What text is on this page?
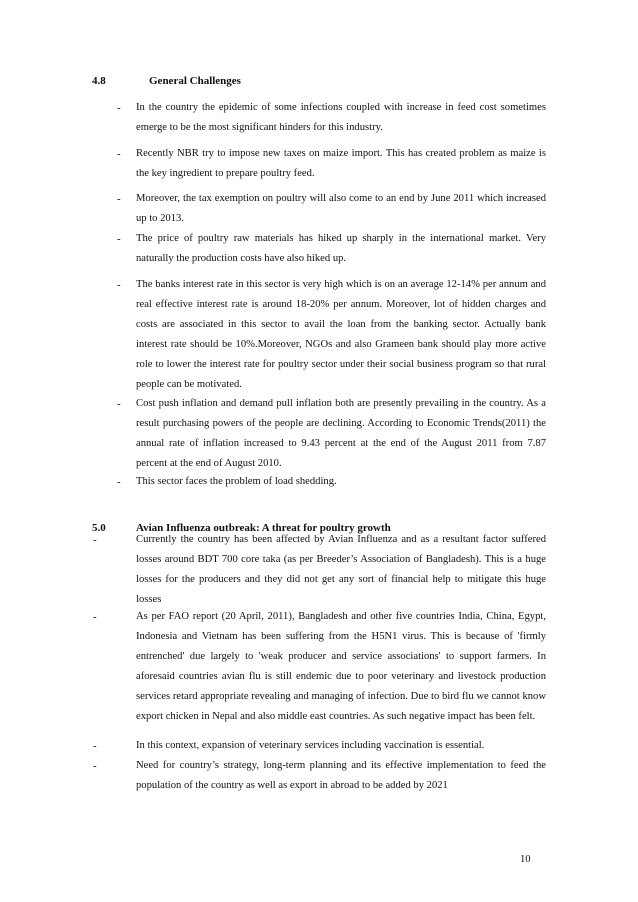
4.8	General Challenges
- In the country the epidemic of some infections coupled with increase in feed cost sometimes emerge to be the most significant hinders for this industry.
- Recently NBR try to impose new taxes on maize import. This has created problem as maize is the key ingredient to prepare poultry feed.
- Moreover, the tax exemption on poultry will also come to an end by June 2011 which increased up to 2013.
- The price of poultry raw materials has hiked up sharply in the international market. Very naturally the production costs have also hiked up.
- The banks interest rate in this sector is very high which is on an average 12-14% per annum and real effective interest rate is around 18-20% per annum. Moreover, lot of hidden charges and costs are associated in this sector to avail the loan from the banking sector. Actually bank interest rate should be 10%.Moreover, NGOs and also Grameen bank should play more active role to lower the interest rate for poultry sector under their social business program so that rural people can be motivated.
- Cost push inflation and demand pull inflation both are presently prevailing in the country. As a result purchasing powers of the people are declining. According to Economic Trends(2011) the annual rate of inflation increased to 9.43 percent at the end of the August 2011 from 7.87 percent at the end of August 2010.
- This sector faces the problem of load shedding.
5.0	Avian Influenza outbreak: A threat for poultry growth
-	Currently the country has been affected by Avian Influenza and as a resultant factor suffered losses around BDT 700 core taka (as per Breeder’s Association of Bangladesh). This is a huge losses for the producers and they did not get any sort of financial help to mitigate this huge losses
-	As per FAO report (20 April, 2011), Bangladesh and other five countries India, China, Egypt, Indonesia and Vietnam has been suffering from the H5N1 virus. This is because of 'firmly entrenched' due largely to 'weak producer and service associations' to support farmers. In aforesaid countries avian flu is still endemic due to poor veterinary and livestock production services retard appropriate revealing and managing of infection. Due to bird flu we cannot know export chicken in Nepal and also middle east countries. As such negative impact has been felt.
-	In this context, expansion of veterinary services including vaccination is essential.
-	Need for country’s strategy, long-term planning and its effective implementation to feed the population of the country as well as export in abroad to be added by 2021
10
